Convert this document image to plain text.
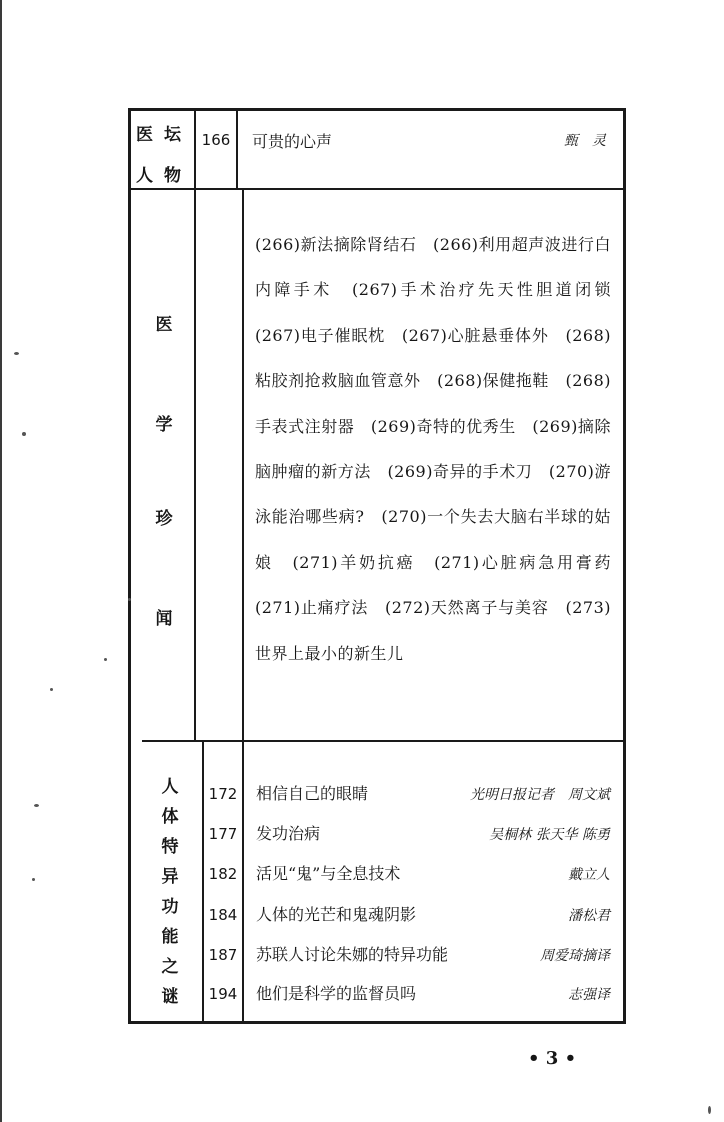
医 坛
人 物
166	可贵的心声	甄　灵
医
学
珍
闻
(266)新法摘除肾结石　(266)利用超声波进行白内障手术　(267)手术治疗先天性胆道闭锁　(267)电子催眠枕　(267)心脏悬垂体外　(268)粘胶剂抢救脑血管意外　(268)保健拖鞋　(268)手表式注射器　(269)奇特的优秀生　(269)摘除脑肿瘤的新方法　(269)奇异的手术刀　(270)游泳能治哪些病?　(270)一个失去大脑右半球的姑娘　(271)羊奶抗癌　(271)心脏病急用膏药　(271)止痛疗法　(272)天然离子与美容　(273)世界上最小的新生儿
人
体
特
异
功
能
之
谜
172 相信自己的眼睛	光明日报记者　周文斌
177 发功治病	吴桐林 张天华 陈勇
182 活见“鬼”与全息技术	戴立人
184 人体的光芒和鬼魂阴影	潘松君
187 苏联人讨论朱娜的特异功能	周爱琦摘译
194 他们是科学的监督员吗	志强译
• 3 •
